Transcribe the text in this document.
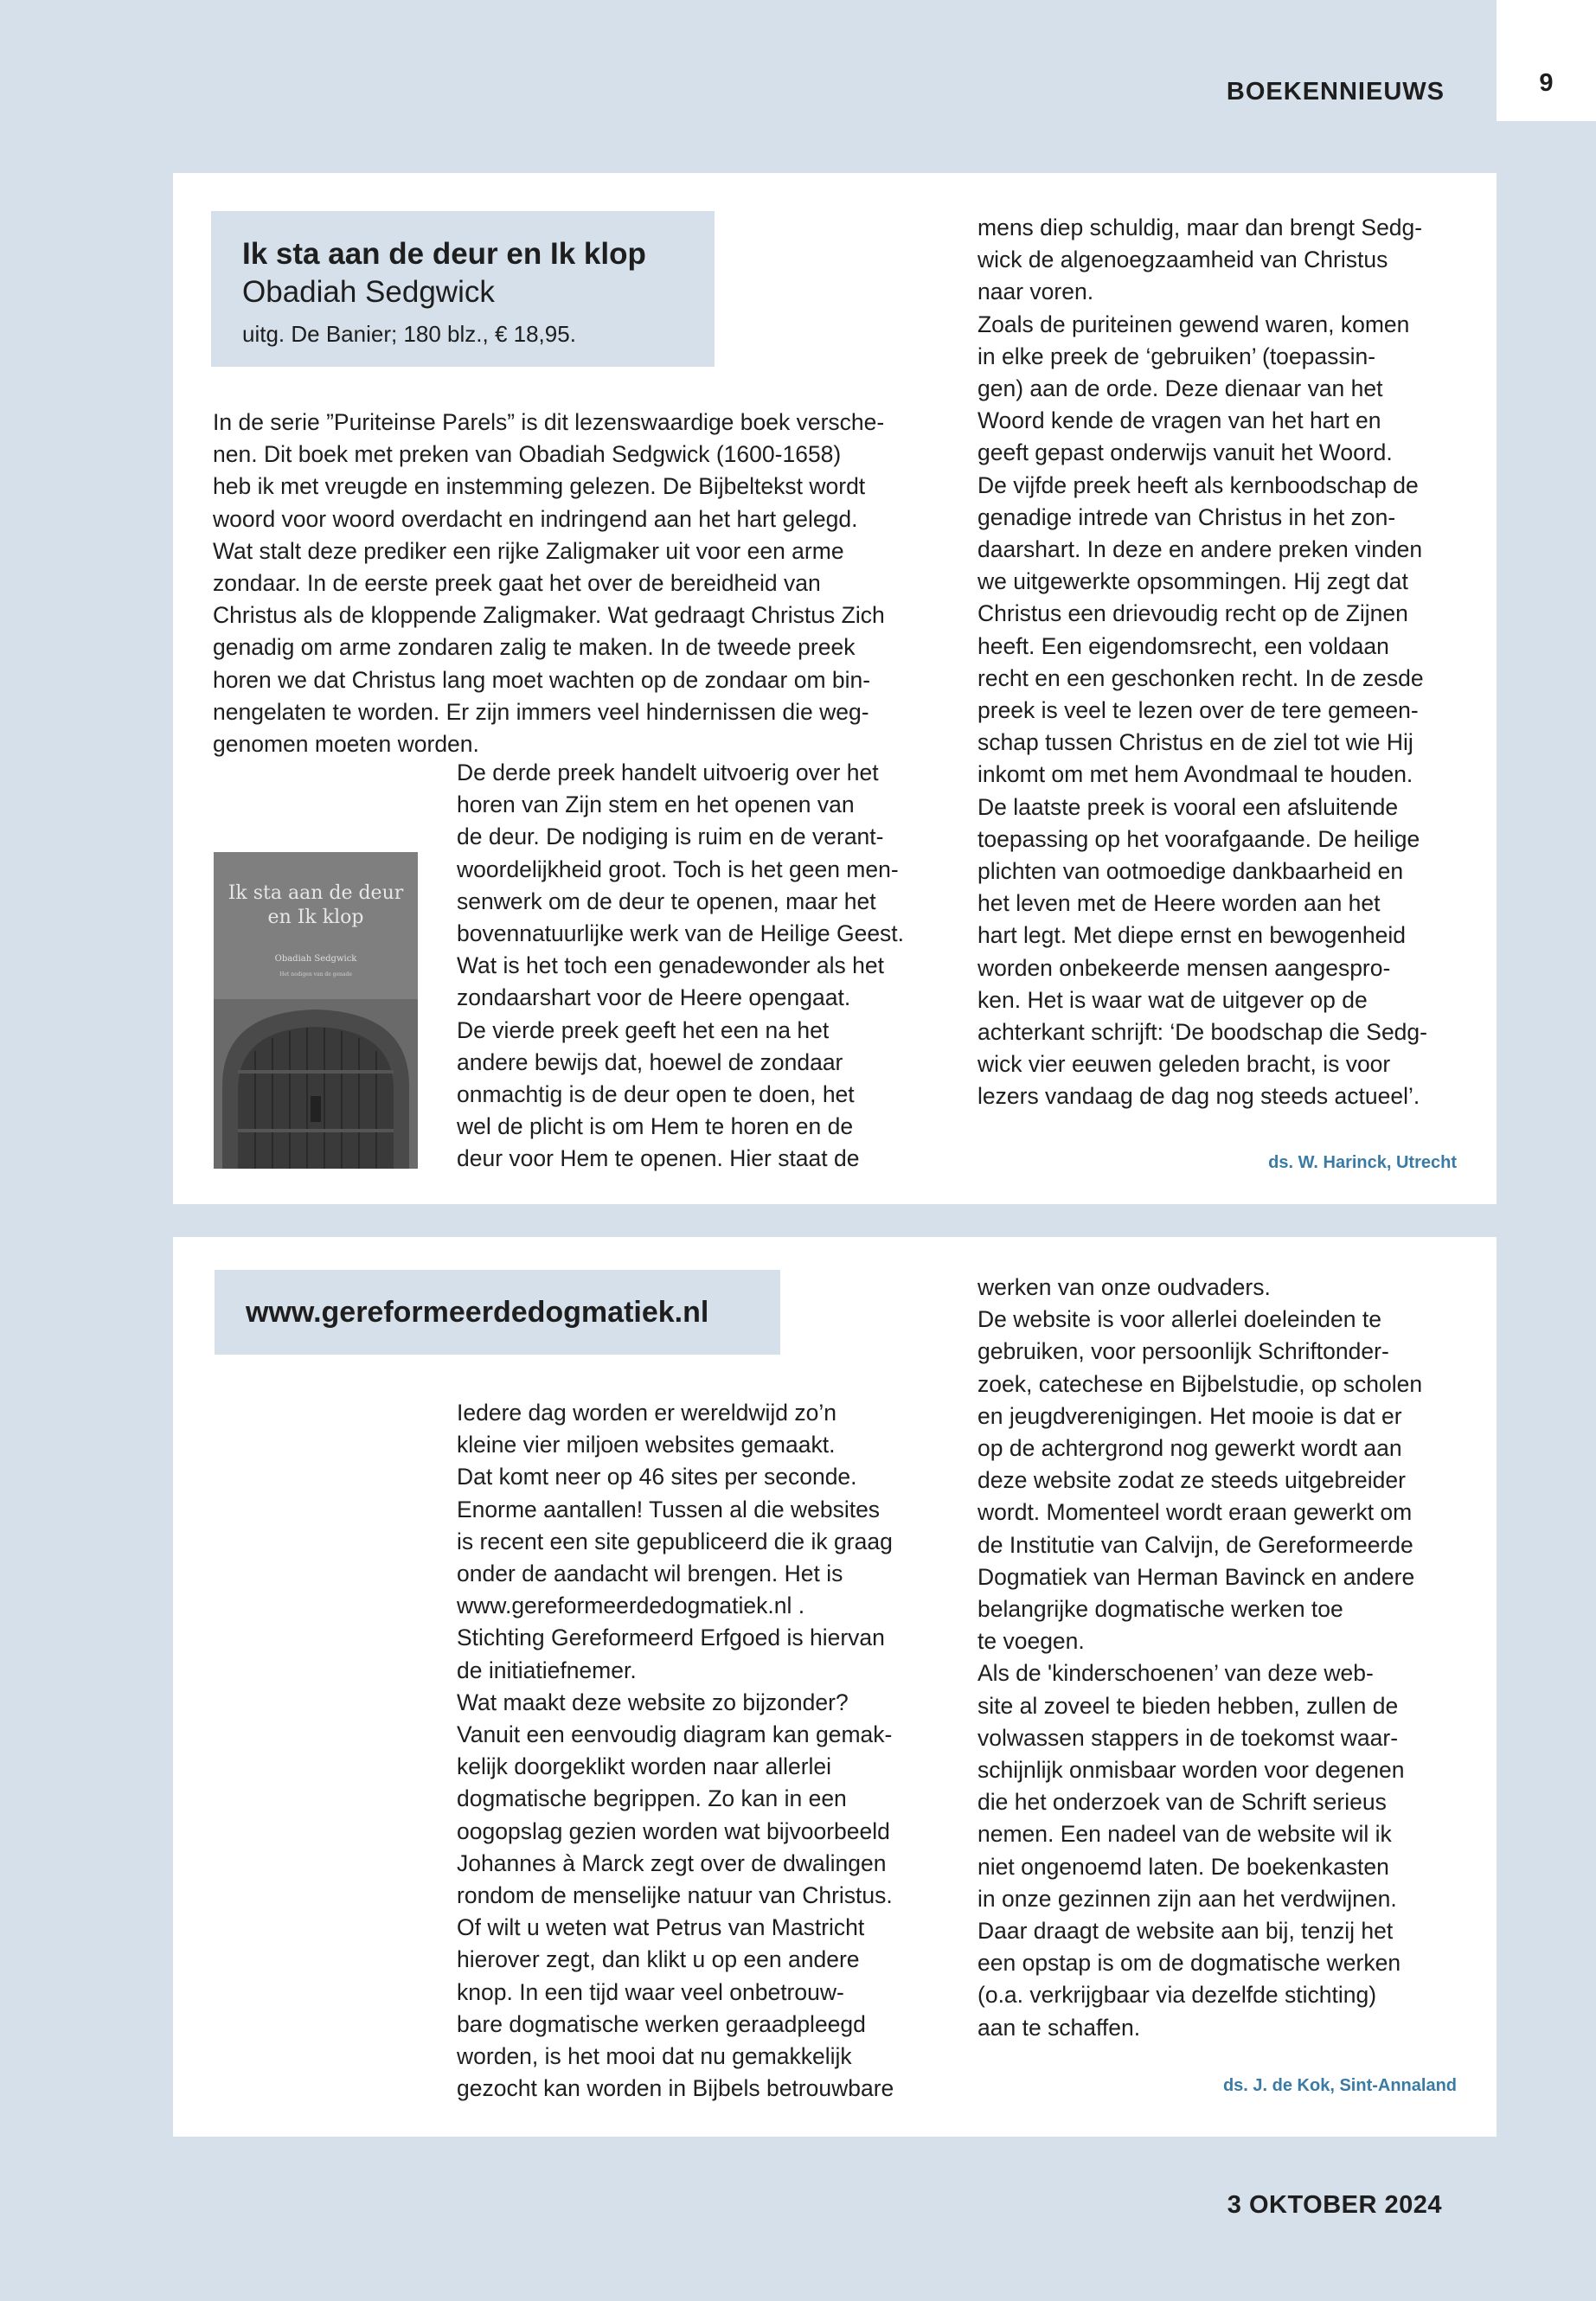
9
BOEKENNIEUWS
Ik sta aan de deur en Ik klop
Obadiah Sedgwick
uitg. De Banier; 180 blz., € 18,95.
In de serie ”Puriteinse Parels” is dit lezenswaardige boek versche-
nen. Dit boek met preken van Obadiah Sedgwick (1600-1658)
heb ik met vreugde en instemming gelezen. De Bijbeltekst wordt
woord voor woord overdacht en indringend aan het hart gelegd.
Wat stalt deze prediker een rijke Zaligmaker uit voor een arme
zondaar. In de eerste preek gaat het over de bereidheid van
Christus als de kloppende Zaligmaker. Wat gedraagt Christus Zich
genadig om arme zondaren zalig te maken. In de tweede preek
horen we dat Christus lang moet wachten op de zondaar om bin-
nengelaten te worden. Er zijn immers veel hindernissen die weg-
genomen moeten worden.
Ik sta aan de deur
en Ik klop
Obadiah Sedgwick
Het nodigen van de genade
De derde preek handelt uitvoerig over het
horen van Zijn stem en het openen van
de deur. De nodiging is ruim en de verant-
woordelijkheid groot. Toch is het geen men-
senwerk om de deur te openen, maar het
bovennatuurlijke werk van de Heilige Geest.
Wat is het toch een genadewonder als het
zondaarshart voor de Heere opengaat.
De vierde preek geeft het een na het
andere bewijs dat, hoewel de zondaar
onmachtig is de deur open te doen, het
wel de plicht is om Hem te horen en de
deur voor Hem te openen. Hier staat de
mens diep schuldig, maar dan brengt Sedg-
wick de algenoegzaamheid van Christus
naar voren.
Zoals de puriteinen gewend waren, komen
in elke preek de ‘gebruiken’ (toepassin-
gen) aan de orde. Deze dienaar van het
Woord kende de vragen van het hart en
geeft gepast onderwijs vanuit het Woord.
De vijfde preek heeft als kernboodschap de
genadige intrede van Christus in het zon-
daarshart. In deze en andere preken vinden
we uitgewerkte opsommingen. Hij zegt dat
Christus een drievoudig recht op de Zijnen
heeft. Een eigendomsrecht, een voldaan
recht en een geschonken recht. In de zesde
preek is veel te lezen over de tere gemeen-
schap tussen Christus en de ziel tot wie Hij
inkomt om met hem Avondmaal te houden.
De laatste preek is vooral een afsluitende
toepassing op het voorafgaande. De heilige
plichten van ootmoedige dankbaarheid en
het leven met de Heere worden aan het
hart legt. Met diepe ernst en bewogenheid
worden onbekeerde mensen aangespro-
ken. Het is waar wat de uitgever op de
achterkant schrijft: ‘De boodschap die Sedg-
wick vier eeuwen geleden bracht, is voor
lezers vandaag de dag nog steeds actueel’.
ds. W. Harinck, Utrecht
www.gereformeerdedogmatiek.nl
Iedere dag worden er wereldwijd zo’n
kleine vier miljoen websites gemaakt.
Dat komt neer op 46 sites per seconde.
Enorme aantallen! Tussen al die websites
is recent een site gepubliceerd die ik graag
onder de aandacht wil brengen. Het is
www.gereformeerdedogmatiek.nl .
Stichting Gereformeerd Erfgoed is hiervan
de initiatiefnemer.
Wat maakt deze website zo bijzonder?
Vanuit een eenvoudig diagram kan gemak-
kelijk doorgeklikt worden naar allerlei
dogmatische begrippen. Zo kan in een
oogopslag gezien worden wat bijvoorbeeld
Johannes à Marck zegt over de dwalingen
rondom de menselijke natuur van Christus.
Of wilt u weten wat Petrus van Mastricht
hierover zegt, dan klikt u op een andere
knop. In een tijd waar veel onbetrouw-
bare dogmatische werken geraadpleegd
worden, is het mooi dat nu gemakkelijk
gezocht kan worden in Bijbels betrouwbare
werken van onze oudvaders.
De website is voor allerlei doeleinden te
gebruiken, voor persoonlijk Schriftonder-
zoek, catechese en Bijbelstudie, op scholen
en jeugdverenigingen. Het mooie is dat er
op de achtergrond nog gewerkt wordt aan
deze website zodat ze steeds uitgebreider
wordt. Momenteel wordt eraan gewerkt om
de Institutie van Calvijn, de Gereformeerde
Dogmatiek van Herman Bavinck en andere
belangrijke dogmatische werken toe
te voegen.
Als de 'kinderschoenen’ van deze web-
site al zoveel te bieden hebben, zullen de
volwassen stappers in de toekomst waar-
schijnlijk onmisbaar worden voor degenen
die het onderzoek van de Schrift serieus
nemen. Een nadeel van de website wil ik
niet ongenoemd laten. De boekenkasten
in onze gezinnen zijn aan het verdwijnen.
Daar draagt de website aan bij, tenzij het
een opstap is om de dogmatische werken
(o.a. verkrijgbaar via dezelfde stichting)
aan te schaffen.
ds. J. de Kok, Sint-Annaland
3 OKTOBER 2024
